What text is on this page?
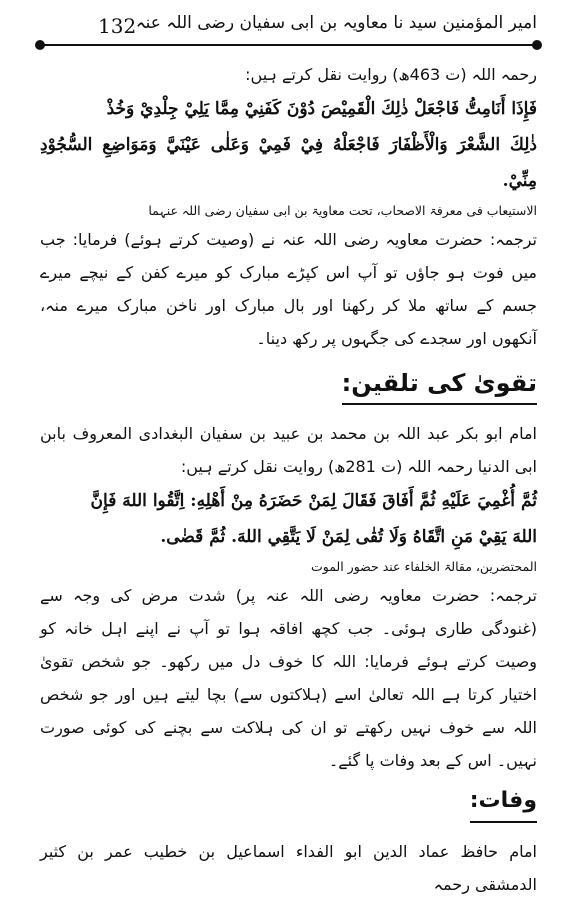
132 امیر المؤمنین سید نا معاویہ بن ابی سفیان رضی اللہ عنہ

رحمہ اللہ (ت 463ھ) روایت نقل کرتے ہیں:

فَإِذَا أَنَامِتُّ فَاجْعَلْ ذٰلِكَ الْقَمِيْصَ دُوْنَ كَفَنِيْ مِمَّا يَلِيْ جِلْدِيْ وَخُذْ

ذٰلِكَ الشَّعْرَ وَالْأَظْفَارَ فَاجْعَلْهُ فِيْ فَمِيْ وَعَلٰى عَيْنَيَّ وَمَوَاضِعِ السُّجُوْدِ مِنِّيْ.

الاستیعاب فی معرفۃ الاصحاب، تحت معاویۃ بن ابی سفیان رضی اللہ عنہما

ترجمہ: حضرت معاویہ رضی اللہ عنہ نے (وصیت کرتے ہوئے) فرمایا: جب میں فوت ہو جاؤں تو آپ اس کپڑے مبارک کو میرے کفن کے نیچے میرے جسم کے ساتھ ملا کر رکھنا اور بال مبارک اور ناخن مبارک میرے منہ، آنکھوں اور سجدے کی جگہوں پر رکھ دینا۔

تقویٰ کی تلقین:

امام ابو بکر عبد اللہ بن محمد بن عبید بن سفیان البغدادی المعروف بابن ابی الدنیا رحمہ اللہ (ت 281ھ) روایت نقل کرتے ہیں:

ثُمَّ أُغْمِيَ عَلَيْهِ ثُمَّ أَفَاقَ فَقَالَ لِمَنْ حَضَرَهُ مِنْ أَهْلِهِ: اِتَّقُوا اللهَ فَإِنَّ

اللهَ يَقِيْ مَنِ اتَّقَاهُ وَلَا تُقٰى لِمَنْ لَا يَتَّقِي اللهَ. ثُمَّ قَضٰى.

المحتضرین، مقالۃ الخلفاء عند حضور الموت

ترجمہ: حضرت معاویہ رضی اللہ عنہ پر) شدت مرض کی وجہ سے (غنودگی طاری ہوئی۔ جب کچھ افاقہ ہوا تو آپ نے اپنے اہل خانہ کو وصیت کرتے ہوئے فرمایا: اللہ کا خوف دل میں رکھو۔ جو شخص تقویٰ اختیار کرتا ہے اللہ تعالیٰ اسے (ہلاکتوں سے) بچا لیتے ہیں اور جو شخص اللہ سے خوف نہیں رکھتے تو ان کی ہلاکت سے بچنے کی کوئی صورت نہیں۔ اس کے بعد وفات پا گئے۔

وفات:

امام حافظ عماد الدین ابو الفداء اسماعیل بن خطیب عمر بن کثیر الدمشقی رحمہ
